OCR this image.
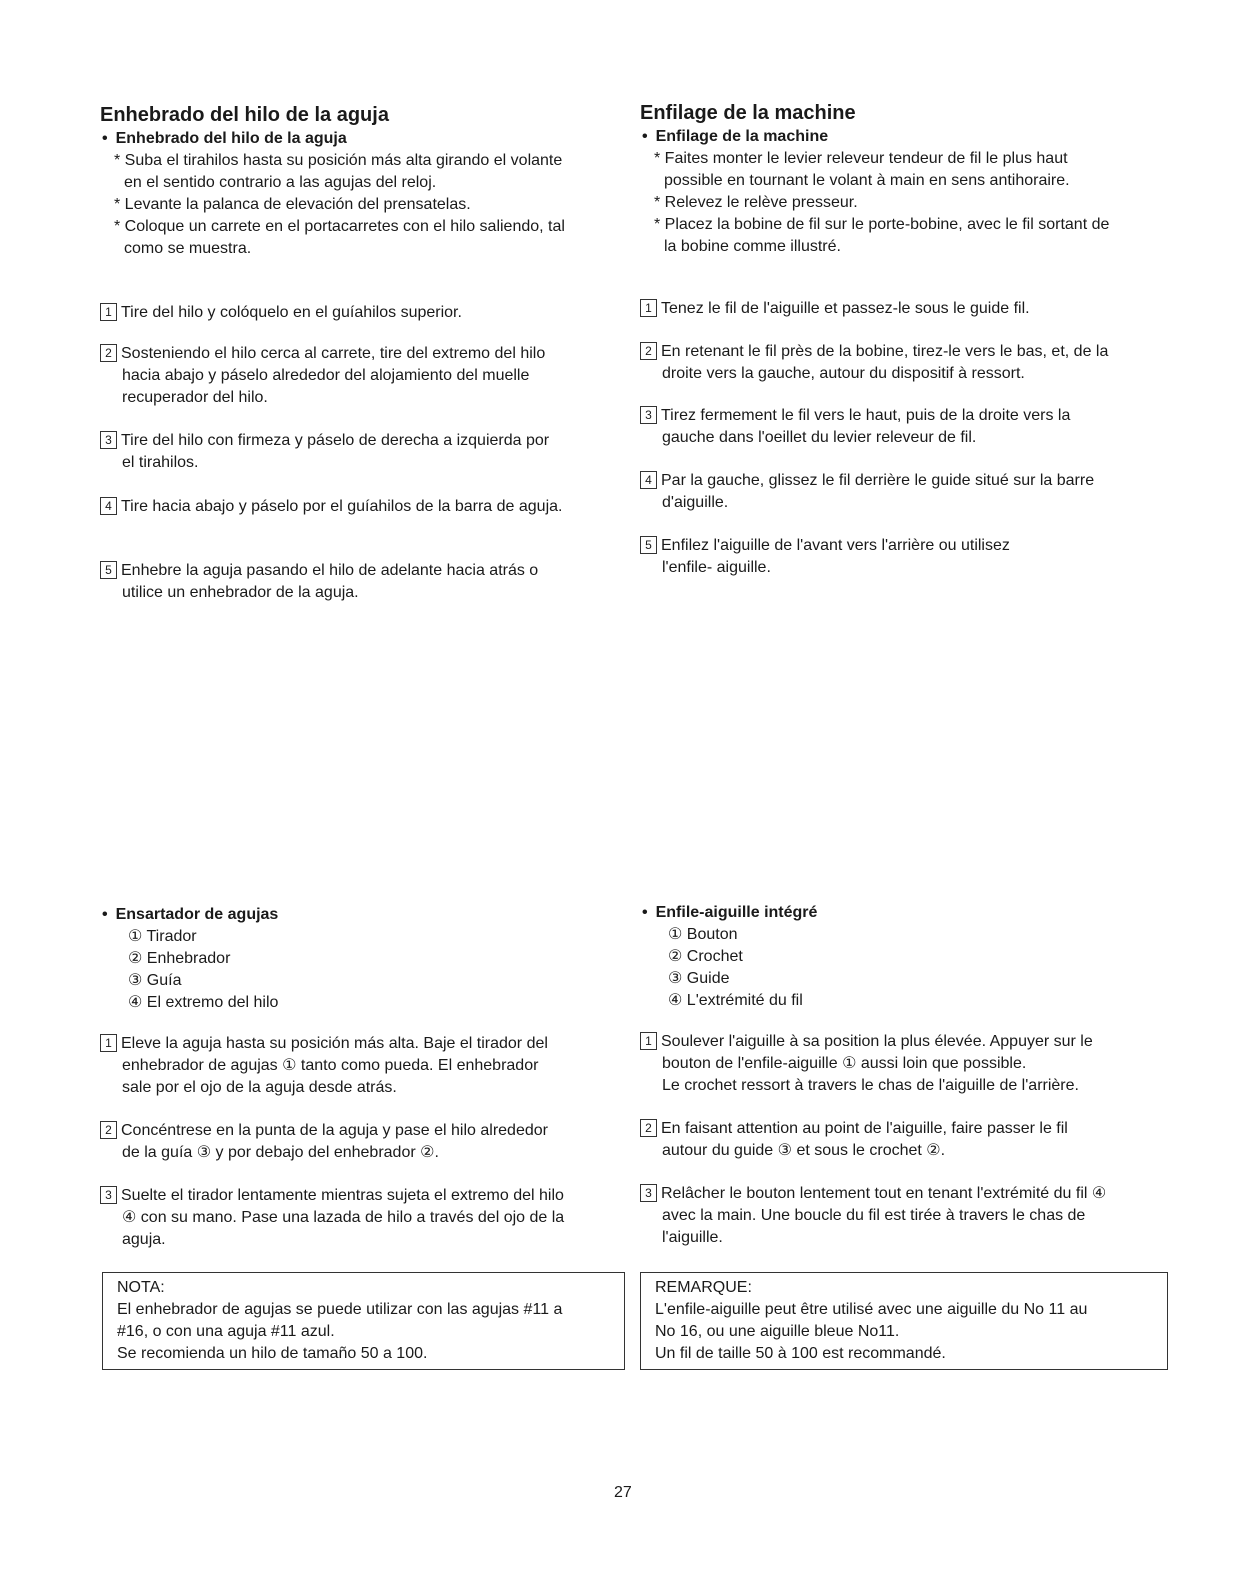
Enhebrado del hilo de la aguja
• Enhebrado del hilo de la aguja
* Suba el tirahilos hasta su posición más alta girando el volante
en el sentido contrario a las agujas del reloj.
* Levante la palanca de elevación del prensatelas.
* Coloque un carrete en el portacarretes con el hilo saliendo, tal
como se muestra.
1 Tire del hilo y colóquelo en el guíahilos superior.
2 Sosteniendo el hilo cerca al carrete, tire del extremo del hilo
hacia abajo y páselo alrededor del alojamiento del muelle
recuperador del hilo.
3 Tire del hilo con firmeza y páselo de derecha a izquierda por
el tirahilos.
4 Tire hacia abajo y páselo por el guíahilos de la barra de aguja.
5 Enhebre la aguja pasando el hilo de adelante hacia atrás o
utilice un enhebrador de la aguja.
• Ensartador de agujas
① Tirador
② Enhebrador
③ Guía
④ El extremo del hilo
1 Eleve la aguja hasta su posición más alta. Baje el tirador del
enhebrador de agujas ① tanto como pueda. El enhebrador
sale por el ojo de la aguja desde atrás.
2 Concéntrese en la punta de la aguja y pase el hilo alrededor
de la guía ③ y por debajo del enhebrador ②.
3 Suelte el tirador lentamente mientras sujeta el extremo del hilo
④ con su mano. Pase una lazada de hilo a través del ojo de la
aguja.
NOTA:
El enhebrador de agujas se puede utilizar con las agujas #11 a
#16, o con una aguja #11 azul.
Se recomienda un hilo de tamaño 50 a 100.
Enfilage de la machine
• Enfilage de la machine
* Faites monter le levier releveur tendeur de fil le plus haut
possible en tournant le volant à main en sens antihoraire.
* Relevez le relève presseur.
* Placez la bobine de fil sur le porte-bobine, avec le fil sortant de
la bobine comme illustré.
1 Tenez le fil de l'aiguille et passez-le sous le guide fil.
2 En retenant le fil près de la bobine, tirez-le vers le bas, et, de la
droite vers la gauche, autour du dispositif à ressort.
3 Tirez fermement le fil vers le haut, puis de la droite vers la
gauche dans l'oeillet du levier releveur de fil.
4 Par la gauche, glissez le fil derrière le guide situé sur la barre
d'aiguille.
5 Enfilez l'aiguille de l'avant vers l'arrière ou utilisez
l'enfile- aiguille.
• Enfile-aiguille intégré
① Bouton
② Crochet
③ Guide
④ L'extrémité du fil
1 Soulever l'aiguille à sa position la plus élevée. Appuyer sur le
bouton de l'enfile-aiguille ① aussi loin que possible.
Le crochet ressort à travers le chas de l'aiguille de l'arrière.
2 En faisant attention au point de l'aiguille, faire passer le fil
autour du guide ③ et sous le crochet ②.
3 Relâcher le bouton lentement tout en tenant l'extrémité du fil ④
avec la main. Une boucle du fil est tirée à travers le chas de
l'aiguille.
REMARQUE:
L'enfile-aiguille peut être utilisé avec une aiguille du No 11 au
No 16, ou une aiguille bleue No11.
Un fil de taille 50 à 100 est recommandé.
27
